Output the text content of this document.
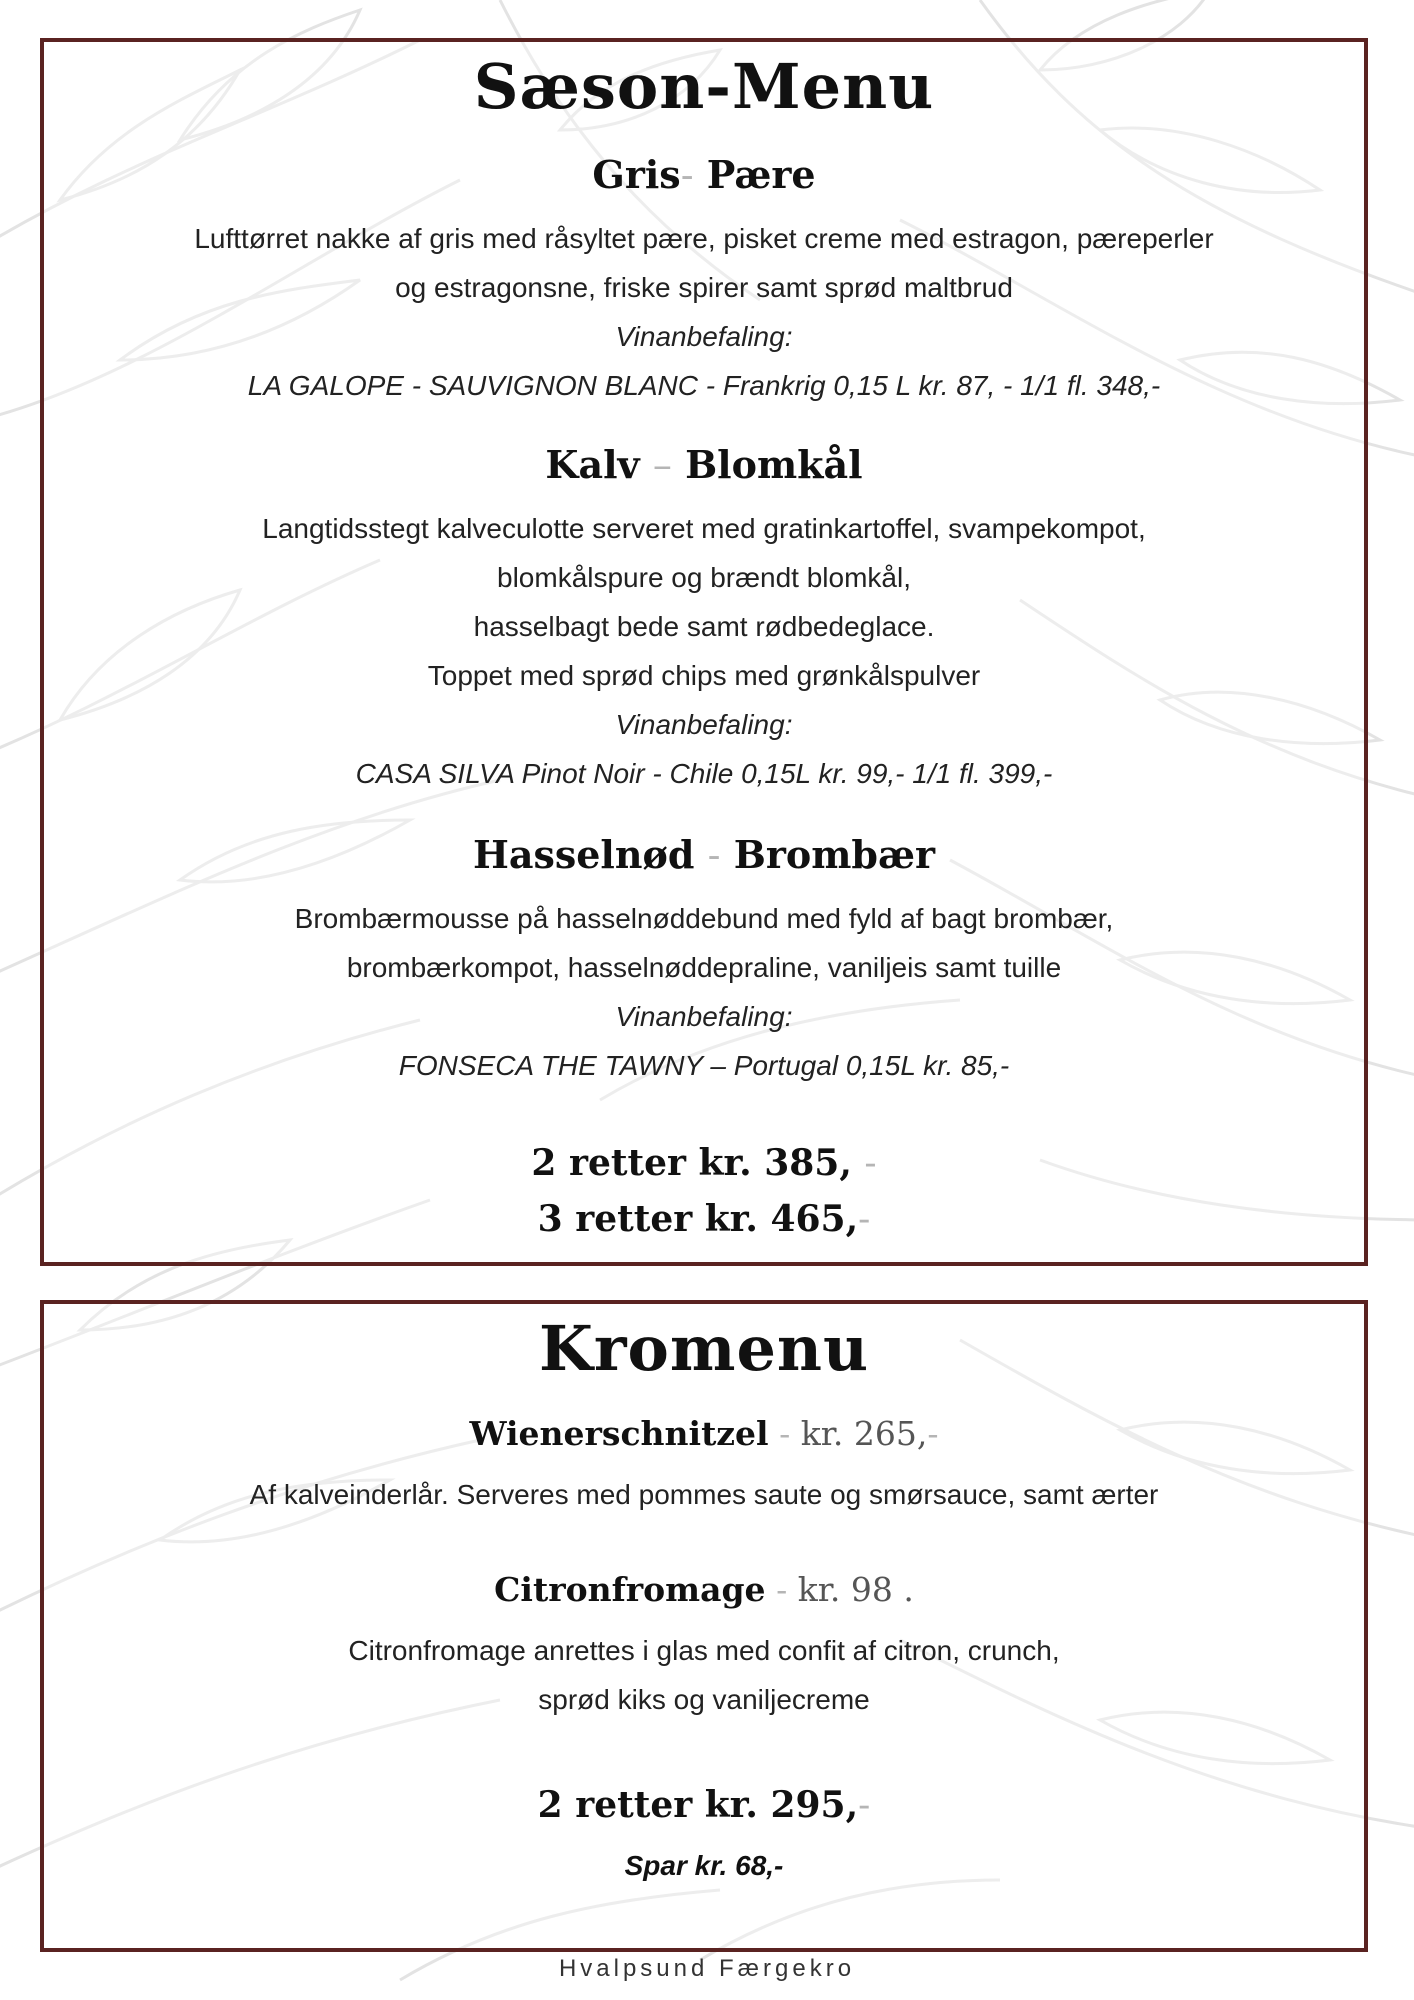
Sæson-Menu
Gris- Pære
Lufttørret nakke af gris med råsyltet pære, pisket creme med estragon, pæreperler
og estragonsne, friske spirer samt sprød maltbrud
Vinanbefaling:
LA GALOPE - SAUVIGNON BLANC - Frankrig 0,15 L kr. 87, - 1/1 fl. 348,-
Kalv – Blomkål
Langtidsstegt kalveculotte serveret med gratinkartoffel, svampekompot,
blomkålspure og brændt blomkål,
hasselbagt bede samt rødbedeglace.
Toppet med sprød chips med grønkålspulver
Vinanbefaling:
CASA SILVA Pinot Noir - Chile 0,15L kr. 99,- 1/1 fl. 399,-
Hasselnød - Brombær
Brombærmousse på hasselnøddebund med fyld af bagt brombær,
brombærkompot, hasselnøddepraline, vaniljeis samt tuille
Vinanbefaling:
FONSECA THE TAWNY – Portugal 0,15L kr. 85,-
2 retter kr. 385, -
3 retter kr. 465,-
Kromenu
Wienerschnitzel - kr. 265,-
Af kalveinderlår. Serveres med pommes saute og smørsauce, samt ærter
Citronfromage - kr. 98 .
Citronfromage anrettes i glas med confit af citron, crunch,
sprød kiks og vaniljecreme
2 retter kr. 295,-
Spar kr. 68,-
Hvalpsund Færgekro
